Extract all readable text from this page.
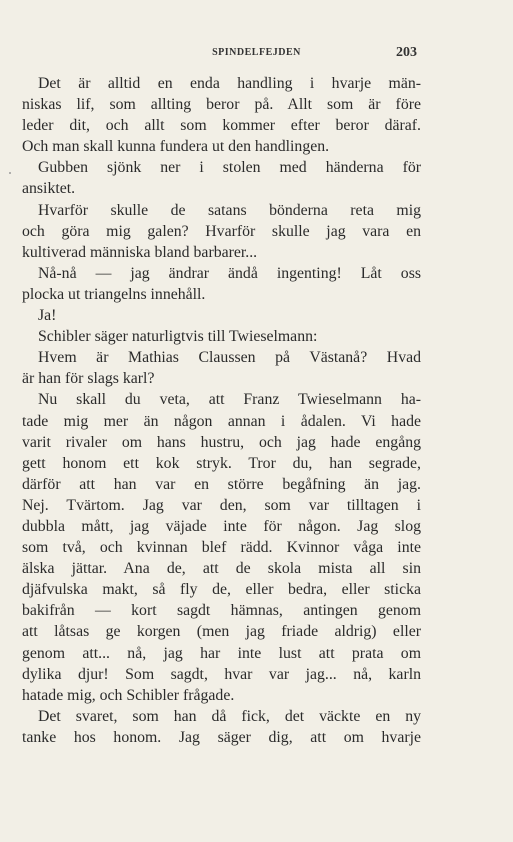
SPINDELFEJDEN	203
Det är alltid en enda handling i hvarje män-
niskas lif, som allting beror på. Allt som är före
leder dit, och allt som kommer efter beror däraf.
Och man skall kunna fundera ut den handlingen.
Gubben sjönk ner i stolen med händerna för
ansiktet.
Hvarför skulle de satans bönderna reta mig
och göra mig galen? Hvarför skulle jag vara en
kultiverad människa bland barbarer...
Nå-nå — jag ändrar ändå ingenting! Låt oss
plocka ut triangelns innehåll.
Ja!
Schibler säger naturligtvis till Twieselmann:
Hvem är Mathias Claussen på Västanå? Hvad
är han för slags karl?
Nu skall du veta, att Franz Twieselmann ha-
tade mig mer än någon annan i ådalen. Vi hade
varit rivaler om hans hustru, och jag hade engång
gett honom ett kok stryk. Tror du, han segrade,
därför att han var en större begåfning än jag.
Nej. Tvärtom. Jag var den, som var tilltagen i
dubbla mått, jag väjade inte för någon. Jag slog
som två, och kvinnan blef rädd. Kvinnor våga inte
älska jättar. Ana de, att de skola mista all sin
djäfvulska makt, så fly de, eller bedra, eller sticka
bakifrån — kort sagdt hämnas, antingen genom
att låtsas ge korgen (men jag friade aldrig) eller
genom att... nå, jag har inte lust att prata om
dylika djur! Som sagdt, hvar var jag... nå, karln
hatade mig, och Schibler frågade.
Det svaret, som han då fick, det väckte en ny
tanke hos honom. Jag säger dig, att om hvarje
